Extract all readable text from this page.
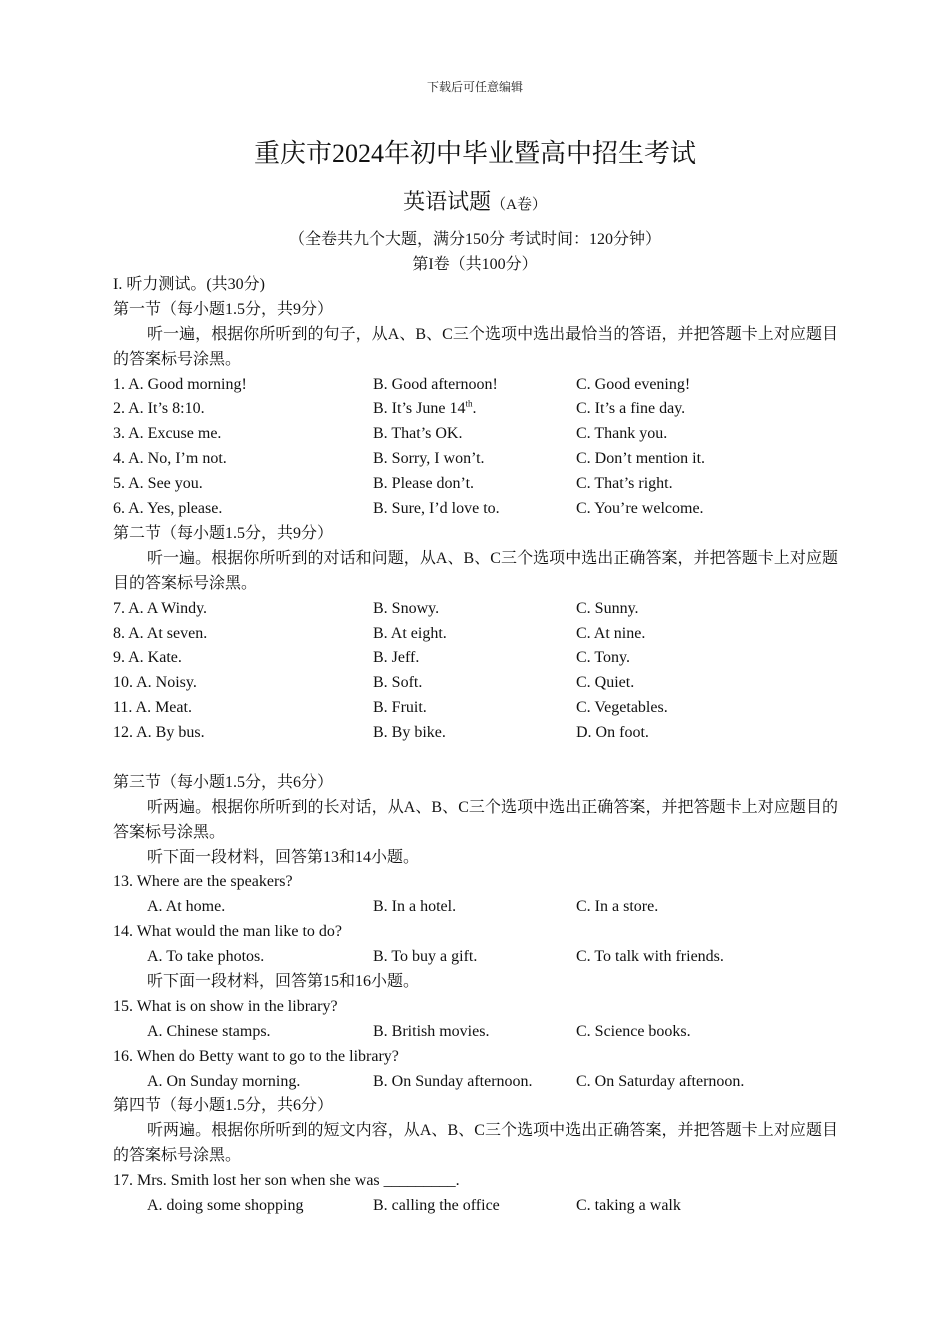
下载后可任意编辑
重庆市2024年初中毕业暨高中招生考试
英语试题（A卷）
（全卷共九个大题，满分150分 考试时间：120分钟）
第I卷（共100分）
I. 听力测试。(共30分)
第一节（每小题1.5分，共9分）
听一遍，根据你所听到的句子，从A、B、C三个选项中选出最恰当的答语，并把答题卡上对应题目的答案标号涂黑。
1. A. Good morning!	B. Good afternoon!	C. Good evening!
2. A. It’s 8:10.	B. It’s June 14th.	C. It’s a fine day.
3. A. Excuse me.	B. That’s OK.	C. Thank you.
4. A. No, I’m not.	B. Sorry, I won’t.	C. Don’t mention it.
5. A. See you.	B. Please don’t.	C. That’s right.
6. A. Yes, please.	B. Sure, I’d love to.	C. You’re welcome.
第二节（每小题1.5分，共9分）
听一遍。根据你所听到的对话和问题，从A、B、C三个选项中选出正确答案，并把答题卡上对应题目的答案标号涂黑。
7. A. A Windy.	B. Snowy.	C. Sunny.
8. A. At seven.	B. At eight.	C. At nine.
9. A. Kate.	B. Jeff.	C. Tony.
10. A. Noisy.	B. Soft.	C. Quiet.
11. A. Meat.	B. Fruit.	C. Vegetables.
12. A. By bus.	B. By bike.	D. On foot.
第三节（每小题1.5分，共6分）
听两遍。根据你所听到的长对话，从A、B、C三个选项中选出正确答案，并把答题卡上对应题目的答案标号涂黑。
听下面一段材料，回答第13和14小题。
13. Where are the speakers?
A. At home.	B. In a hotel.	C. In a store.
14. What would the man like to do?
A. To take photos.	B. To buy a gift.	C. To talk with friends.
听下面一段材料，回答第15和16小题。
15. What is on show in the library?
A. Chinese stamps.	B. British movies.	C. Science books.
16. When do Betty want to go to the library?
A. On Sunday morning.	B. On Sunday afternoon.	C. On Saturday afternoon.
第四节（每小题1.5分，共6分）
听两遍。根据你所听到的短文内容，从A、B、C三个选项中选出正确答案，并把答题卡上对应题目的答案标号涂黑。
17. Mrs. Smith lost her son when she was _________.
A. doing some shopping	B. calling the office	C. taking a walk
